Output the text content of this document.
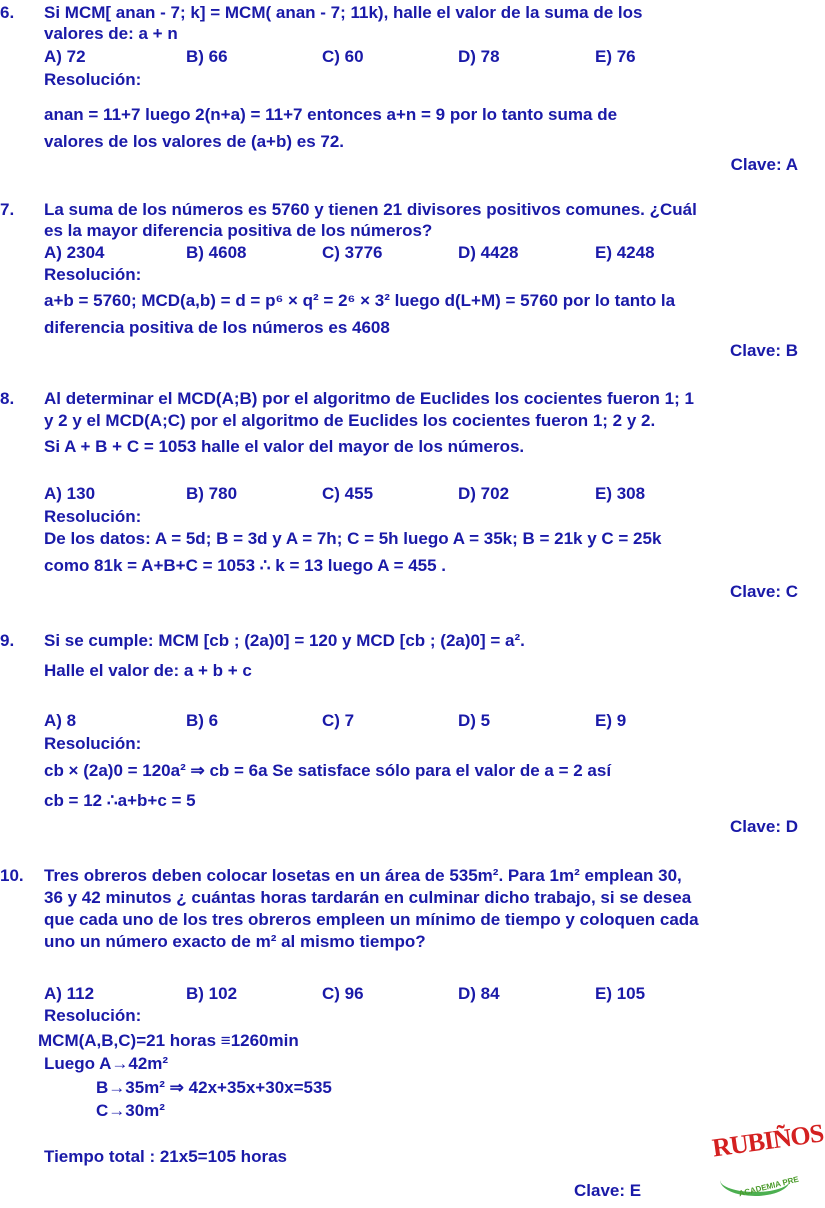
6. Si MCM[ anan - 7; k] = MCM( anan - 7; 11k), halle el valor de la suma de los
valores de: a + n
A) 72	B) 66	C) 60	D) 78	E) 76
Resolución:
anan = 11+7 luego 2(n+a) = 11+7 entonces a+n = 9 por lo tanto suma de
valores de los valores de (a+b) es 72.
Clave: A
7. La suma de los números es 5760 y tienen 21 divisores positivos comunes. ¿Cuál
es la mayor diferencia positiva de los números?
A) 2304	B) 4608	C) 3776	D) 4428	E) 4248
Resolución:
a+b = 5760; MCD(a,b) = d = p⁶ × q² = 2⁶ × 3² luego d(L+M) = 5760 por lo tanto la
diferencia positiva de los números es 4608
Clave: B
8. Al determinar el MCD(A;B) por el algoritmo de Euclides los cocientes fueron 1; 1
y 2 y el MCD(A;C) por el algoritmo de Euclides los cocientes fueron 1; 2 y 2.
Si A + B + C = 1053 halle el valor del mayor de los números.
A) 130	B) 780	C) 455	D) 702	E) 308
Resolución:
De los datos: A = 5d; B = 3d y A = 7h; C = 5h luego A = 35k; B = 21k y C = 25k
como 81k = A+B+C = 1053 ∴ k = 13 luego A = 455 .
Clave: C
9. Si se cumple: MCM [cb ; (2a)0] = 120 y MCD [cb ; (2a)0] = a².
Halle el valor de: a + b + c
A) 8	B) 6	C) 7	D) 5	E) 9
Resolución:
cb × (2a)0 = 120a² ⇒ cb = 6a Se satisface sólo para el valor de a = 2 así
cb = 12 ∴a+b+c = 5
Clave: D
10. Tres obreros deben colocar losetas en un área de 535m². Para 1m² emplean 30,
36 y 42 minutos ¿ cuántas horas tardarán en culminar dicho trabajo, si se desea
que cada uno de los tres obreros empleen un mínimo de tiempo y coloquen cada
uno un número exacto de m² al mismo tiempo?
A) 112	B) 102	C) 96	D) 84	E) 105
Resolución:
MCM(A,B,C)=21 horas ≡1260min
Luego A→42m²
B→35m² ⇒ 42x+35x+30x=535
C→30m²
Tiempo total : 21x5=105 horas
Clave: E
RUBIÑOS
ACADEMIA PRE
